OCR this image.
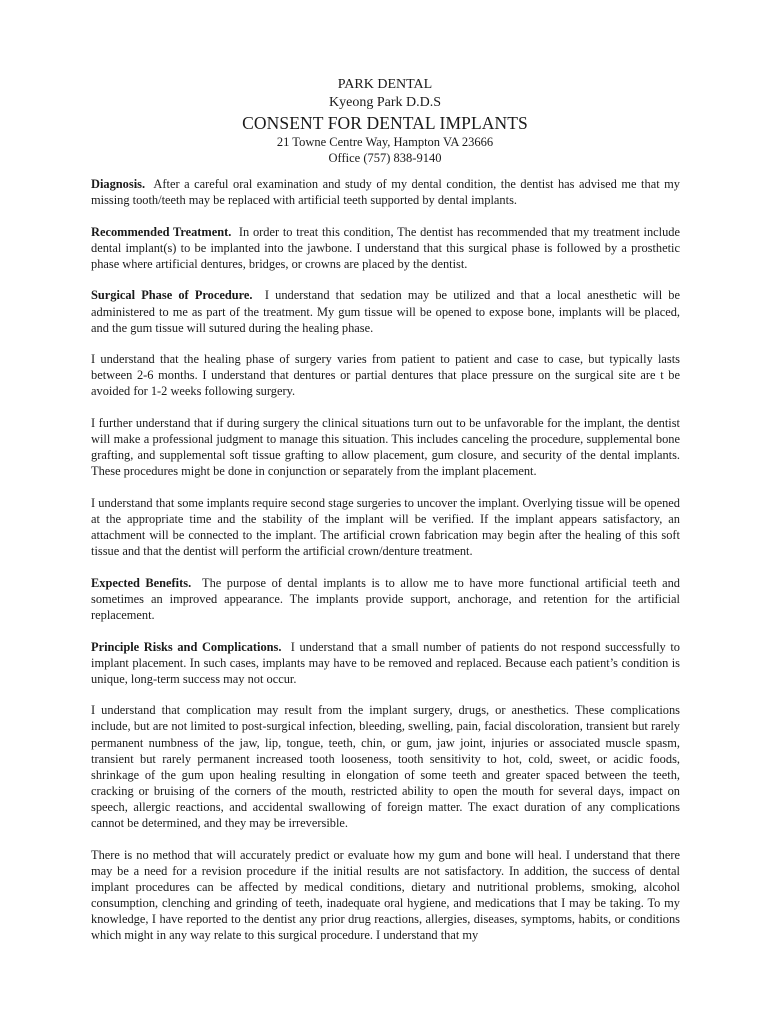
PARK DENTAL
Kyeong Park D.D.S
CONSENT FOR DENTAL IMPLANTS
21 Towne Centre Way, Hampton VA 23666
Office (757) 838-9140

Diagnosis. After a careful oral examination and study of my dental condition, the dentist has advised me that my missing tooth/teeth may be replaced with artificial teeth supported by dental implants.

Recommended Treatment. In order to treat this condition, The dentist has recommended that my treatment include dental implant(s) to be implanted into the jawbone. I understand that this surgical phase is followed by a prosthetic phase where artificial dentures, bridges, or crowns are placed by the dentist.

Surgical Phase of Procedure. I understand that sedation may be utilized and that a local anesthetic will be administered to me as part of the treatment. My gum tissue will be opened to expose bone, implants will be placed, and the gum tissue will sutured during the healing phase.

I understand that the healing phase of surgery varies from patient to patient and case to case, but typically lasts between 2-6 months. I understand that dentures or partial dentures that place pressure on the surgical site are t be avoided for 1-2 weeks following surgery.

I further understand that if during surgery the clinical situations turn out to be unfavorable for the implant, the dentist will make a professional judgment to manage this situation. This includes canceling the procedure, supplemental bone grafting, and supplemental soft tissue grafting to allow placement, gum closure, and security of the dental implants. These procedures might be done in conjunction or separately from the implant placement.

I understand that some implants require second stage surgeries to uncover the implant. Overlying tissue will be opened at the appropriate time and the stability of the implant will be verified. If the implant appears satisfactory, an attachment will be connected to the implant. The artificial crown fabrication may begin after the healing of this soft tissue and that the dentist will perform the artificial crown/denture treatment.

Expected Benefits. The purpose of dental implants is to allow me to have more functional artificial teeth and sometimes an improved appearance. The implants provide support, anchorage, and retention for the artificial replacement.

Principle Risks and Complications. I understand that a small number of patients do not respond successfully to implant placement. In such cases, implants may have to be removed and replaced. Because each patient’s condition is unique, long-term success may not occur.

I understand that complication may result from the implant surgery, drugs, or anesthetics. These complications include, but are not limited to post-surgical infection, bleeding, swelling, pain, facial discoloration, transient but rarely permanent numbness of the jaw, lip, tongue, teeth, chin, or gum, jaw joint, injuries or associated muscle spasm, transient but rarely permanent increased tooth looseness, tooth sensitivity to hot, cold, sweet, or acidic foods, shrinkage of the gum upon healing resulting in elongation of some teeth and greater spaced between the teeth, cracking or bruising of the corners of the mouth, restricted ability to open the mouth for several days, impact on speech, allergic reactions, and accidental swallowing of foreign matter. The exact duration of any complications cannot be determined, and they may be irreversible.

There is no method that will accurately predict or evaluate how my gum and bone will heal. I understand that there may be a need for a revision procedure if the initial results are not satisfactory. In addition, the success of dental implant procedures can be affected by medical conditions, dietary and nutritional problems, smoking, alcohol consumption, clenching and grinding of teeth, inadequate oral hygiene, and medications that I may be taking. To my knowledge, I have reported to the dentist any prior drug reactions, allergies, diseases, symptoms, habits, or conditions which might in any way relate to this surgical procedure. I understand that my
